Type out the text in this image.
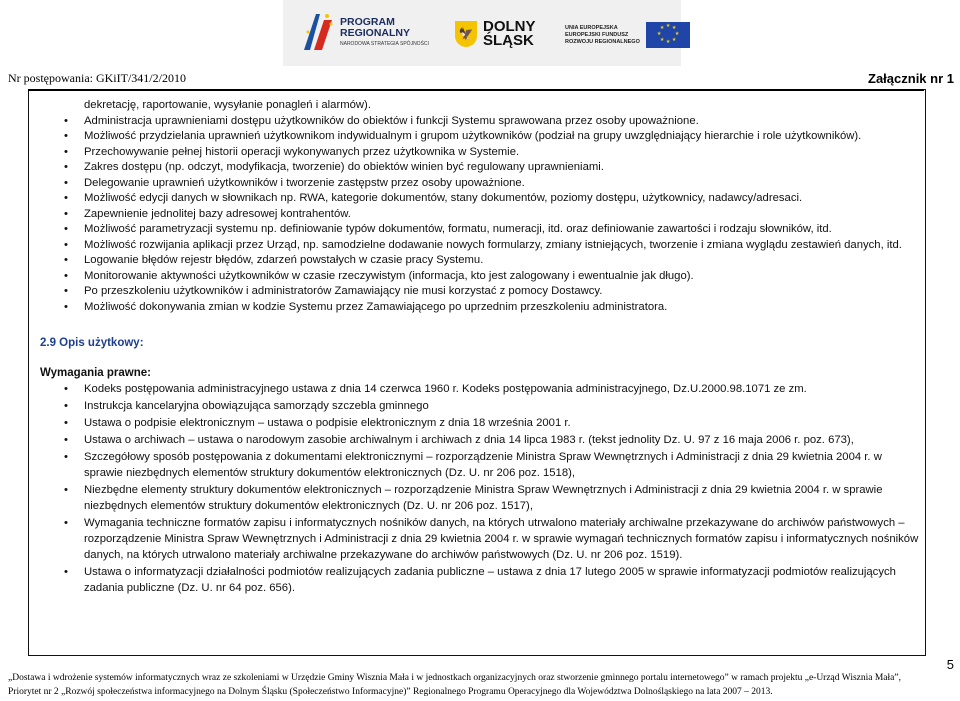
PROGRAM
REGIONALNY
NARODOWA STRATEGIA SPÓJNOŚCI
🦅 DOLNY
ŚLĄSK
UNIA EUROPEJSKA
EUROPEJSKI FUNDUSZ
ROZWOJU REGIONALNEGO
★ ★
★
★
★
★
★
★
Nr postępowania: GKiIT/341/2/2010	Załącznik nr 1
dekretację, raportowanie, wysyłanie ponagleń i alarmów).
• Administracja uprawnieniami dostępu użytkowników do obiektów i funkcji Systemu sprawowana przez osoby upoważnione.
• Możliwość przydzielania uprawnień użytkownikom indywidualnym i grupom użytkowników (podział na grupy uwzględniający hierarchie i role użytkowników).
• Przechowywanie pełnej historii operacji wykonywanych przez użytkownika w Systemie.
• Zakres dostępu (np. odczyt, modyfikacja, tworzenie) do obiektów winien być regulowany uprawnieniami.
• Delegowanie uprawnień użytkowników i tworzenie zastępstw przez osoby upoważnione.
• Możliwość edycji danych w słownikach np. RWA, kategorie dokumentów, stany dokumentów, poziomy dostępu, użytkownicy, nadawcy/adresaci.
• Zapewnienie jednolitej bazy adresowej kontrahentów.
• Możliwość parametryzacji systemu np. definiowanie typów dokumentów, formatu, numeracji, itd. oraz definiowanie zawartości i rodzaju słowników, itd.
• Możliwość rozwijania aplikacji przez Urząd, np. samodzielne dodawanie nowych formularzy, zmiany istniejących, tworzenie i zmiana wyglądu zestawień danych, itd.
• Logowanie błędów rejestr błędów, zdarzeń powstałych w czasie pracy Systemu.
• Monitorowanie aktywności użytkowników w czasie rzeczywistym (informacja, kto jest zalogowany i ewentualnie jak długo).
• Po przeszkoleniu użytkowników i administratorów Zamawiający nie musi korzystać z pomocy Dostawcy.
• Możliwość dokonywania zmian w kodzie Systemu przez Zamawiającego po uprzednim przeszkoleniu administratora.
2.9 Opis użytkowy:
Wymagania prawne:
• Kodeks postępowania administracyjnego ustawa z dnia 14 czerwca 1960 r. Kodeks postępowania administracyjnego, Dz.U.2000.98.1071 ze zm.
• Instrukcja kancelaryjna obowiązująca samorządy szczebla gminnego
• Ustawa o podpisie elektronicznym – ustawa o podpisie elektronicznym z dnia 18 września 2001 r.
• Ustawa o archiwach – ustawa o narodowym zasobie archiwalnym i archiwach z dnia 14 lipca 1983 r. (tekst jednolity Dz. U. 97 z 16 maja 2006 r. poz. 673),
• Szczegółowy sposób postępowania z dokumentami elektronicznymi – rozporządzenie Ministra Spraw Wewnętrznych i Administracji z dnia 29 kwietnia 2004 r. w sprawie niezbędnych elementów struktury dokumentów elektronicznych (Dz. U. nr 206 poz. 1518),
• Niezbędne elementy struktury dokumentów elektronicznych – rozporządzenie Ministra Spraw Wewnętrznych i Administracji z dnia 29 kwietnia 2004 r. w sprawie niezbędnych elementów struktury dokumentów elektronicznych (Dz. U. nr 206 poz. 1517),
• Wymagania techniczne formatów zapisu i informatycznych nośników danych, na których utrwalono materiały archiwalne przekazywane do archiwów państwowych – rozporządzenie Ministra Spraw Wewnętrznych i Administracji z dnia 29 kwietnia 2004 r. w sprawie wymagań technicznych formatów zapisu i informatycznych nośników danych, na których utrwalono materiały archiwalne przekazywane do archiwów państwowych (Dz. U. nr 206 poz. 1519).
• Ustawa o informatyzacji działalności podmiotów realizujących zadania publiczne – ustawa z dnia 17 lutego 2005 w sprawie informatyzacji podmiotów realizujących zadania publiczne (Dz. U. nr 64 poz. 656).
5
„Dostawa i wdrożenie systemów informatycznych wraz ze szkoleniami w Urzędzie Gminy Wisznia Mała i w jednostkach organizacyjnych oraz stworzenie gminnego portalu internetowego” w ramach projektu „e-Urząd Wisznia Mała”,
Priorytet nr 2 „Rozwój społeczeństwa informacyjnego na Dolnym Śląsku (Społeczeństwo Informacyjne)” Regionalnego Programu Operacyjnego dla Województwa Dolnośląskiego na lata 2007 – 2013.
